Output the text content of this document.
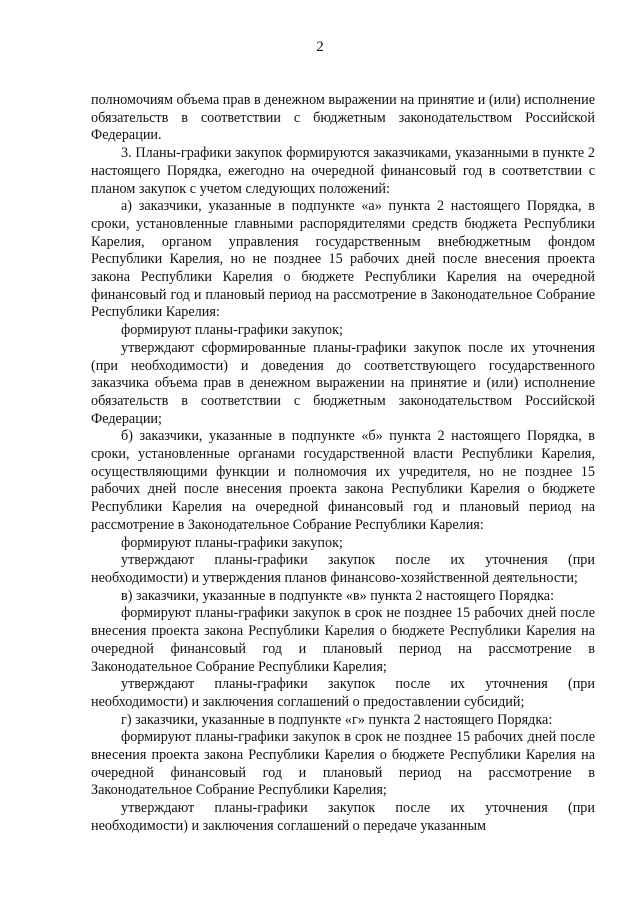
2

полномочиям объема прав в денежном выражении на принятие и (или) исполнение обязательств в соответствии с бюджетным законодательством Российской Федерации.

3. Планы-графики закупок формируются заказчиками, указанными в пункте 2 настоящего Порядка, ежегодно на очередной финансовый год в соответствии с планом закупок с учетом следующих положений:

а) заказчики, указанные в подпункте «а» пункта 2 настоящего Порядка, в сроки, установленные главными распорядителями средств бюджета Республики Карелия, органом управления государственным внебюджетным фондом Республики Карелия, но не позднее 15 рабочих дней после внесения проекта закона Республики Карелия о бюджете Республики Карелия на очередной финансовый год и плановый период на рассмотрение в Законодательное Собрание Республики Карелия:

формируют планы-графики закупок;

утверждают сформированные планы-графики закупок после их уточнения (при необходимости) и доведения до соответствующего государственного заказчика объема прав в денежном выражении на принятие и (или) исполнение обязательств в соответствии с бюджетным законодательством Российской Федерации;

б) заказчики, указанные в подпункте «б» пункта 2 настоящего Порядка, в сроки, установленные органами государственной власти Республики Карелия, осуществляющими функции и полномочия их учредителя, но не позднее 15 рабочих дней после внесения проекта закона Республики Карелия о бюджете Республики Карелия на очередной финансовый год и плановый период на рассмотрение в Законодательное Собрание Республики Карелия:

формируют планы-графики закупок;

утверждают планы-графики закупок после их уточнения (при необходимости) и утверждения планов финансово-хозяйственной деятельности;

в) заказчики, указанные в подпункте «в» пункта 2 настоящего Порядка:

формируют планы-графики закупок в срок не позднее 15 рабочих дней после внесения проекта закона Республики Карелия о бюджете Республики Карелия на очередной финансовый год и плановый период на рассмотрение в Законодательное Собрание Республики Карелия;

утверждают планы-графики закупок после их уточнения (при необходимости) и заключения соглашений о предоставлении субсидий;

г) заказчики, указанные в подпункте «г» пункта 2 настоящего Порядка:

формируют планы-графики закупок в срок не позднее 15 рабочих дней после внесения проекта закона Республики Карелия о бюджете Республики Карелия на очередной финансовый год и плановый период на рассмотрение в Законодательное Собрание Республики Карелия;

утверждают планы-графики закупок после их уточнения (при необходимости) и заключения соглашений о передаче указанным
